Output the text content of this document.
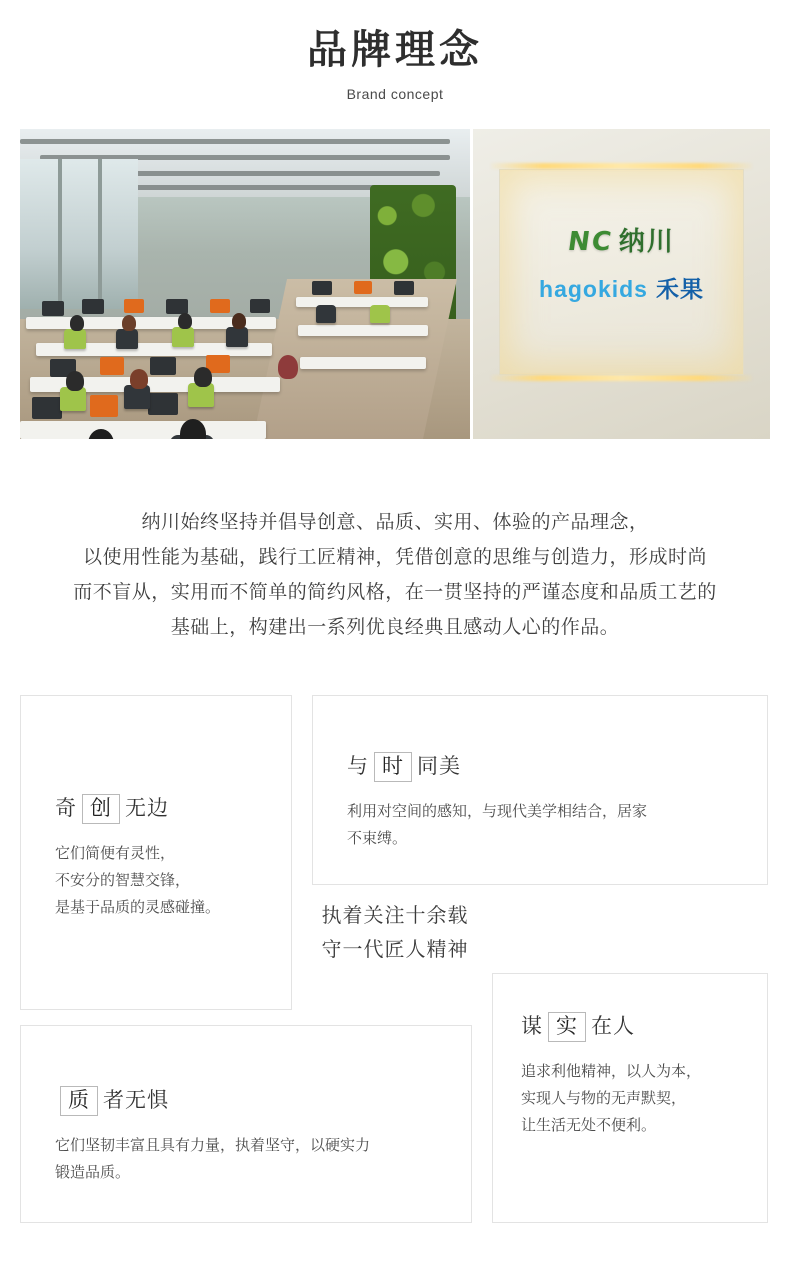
品牌理念
Brand concept
NC 纳川
hagokids 禾果

纳川始终坚持并倡导创意、品质、实用、体验的产品理念，

以使用性能为基础，践行工匠精神，凭借创意的思维与创造力，形成时尚

而不盲从，实用而不简单的简约风格，在一贯坚持的严谨态度和品质工艺的

基础上，构建出一系列优良经典且感动人心的作品。

奇 创 无边
它们简便有灵性，
不安分的智慧交锋，
是基于品质的灵感碰撞。
与 时 同美
利用对空间的感知，与现代美学相结合，居家
不束缚。
质 者无惧
它们坚韧丰富且具有力量，执着坚守，以硬实力
锻造品质。
谋 实 在人
追求利他精神，以人为本，
实现人与物的无声默契，
让生活无处不便利。
执着关注十余载
守一代匠人精神
